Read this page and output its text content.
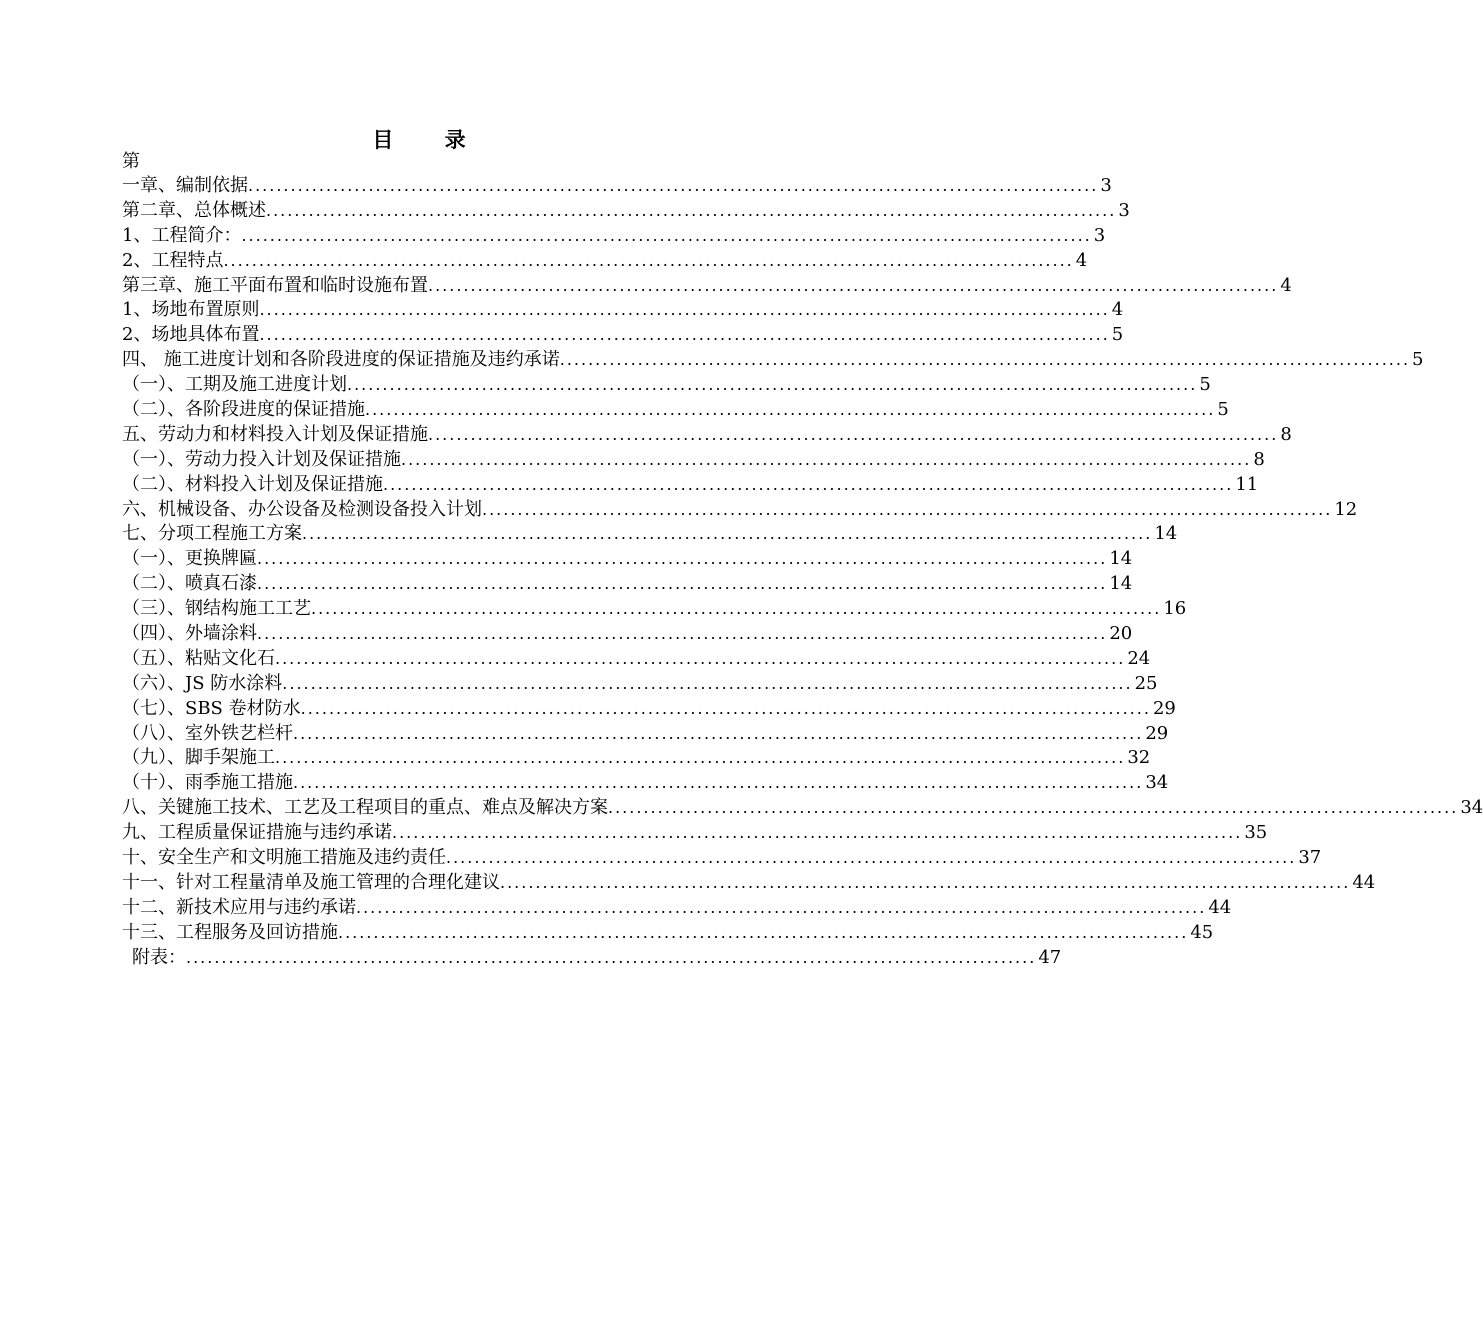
目 录
第
一章、编制依据 ........................................................................................................................ 3
第二章、总体概述 ........................................................................................................................ 3
1、工程简介： ........................................................................................................................ 3
2、工程特点 ........................................................................................................................ 4
第三章、施工平面布置和临时设施布置 ........................................................................................................................ 4
1、场地布置原则 ........................................................................................................................ 4
2、场地具体布置 ........................................................................................................................ 5
四、 施工进度计划和各阶段进度的保证措施及违约承诺 ........................................................................................................................ 5
（一）、工期及施工进度计划 ........................................................................................................................ 5
（二）、各阶段进度的保证措施 ........................................................................................................................ 5
五、劳动力和材料投入计划及保证措施 ........................................................................................................................ 8
（一）、劳动力投入计划及保证措施 ........................................................................................................................ 8
（二）、材料投入计划及保证措施 ........................................................................................................................ 11
六、机械设备、办公设备及检测设备投入计划 ........................................................................................................................ 12
七、分项工程施工方案 ........................................................................................................................ 14
（一）、更换牌匾 ........................................................................................................................ 14
（二）、喷真石漆 ........................................................................................................................ 14
（三）、钢结构施工工艺 ........................................................................................................................ 16
（四）、外墙涂料 ........................................................................................................................ 20
（五）、粘贴文化石 ........................................................................................................................ 24
（六）、JS 防水涂料 ........................................................................................................................ 25
（七）、SBS 卷材防水 ........................................................................................................................ 29
（八）、室外铁艺栏杆 ........................................................................................................................ 29
（九）、脚手架施工 ........................................................................................................................ 32
（十）、雨季施工措施 ........................................................................................................................ 34
八、关键施工技术、工艺及工程项目的重点、难点及解决方案 ........................................................................................................................ 34
九、工程质量保证措施与违约承诺 ........................................................................................................................ 35
十、安全生产和文明施工措施及违约责任 ........................................................................................................................ 37
十一、针对工程量清单及施工管理的合理化建议 ........................................................................................................................ 44
十二、新技术应用与违约承诺 ........................................................................................................................ 44
十三、工程服务及回访措施 ........................................................................................................................ 45
附表： ........................................................................................................................ 47
